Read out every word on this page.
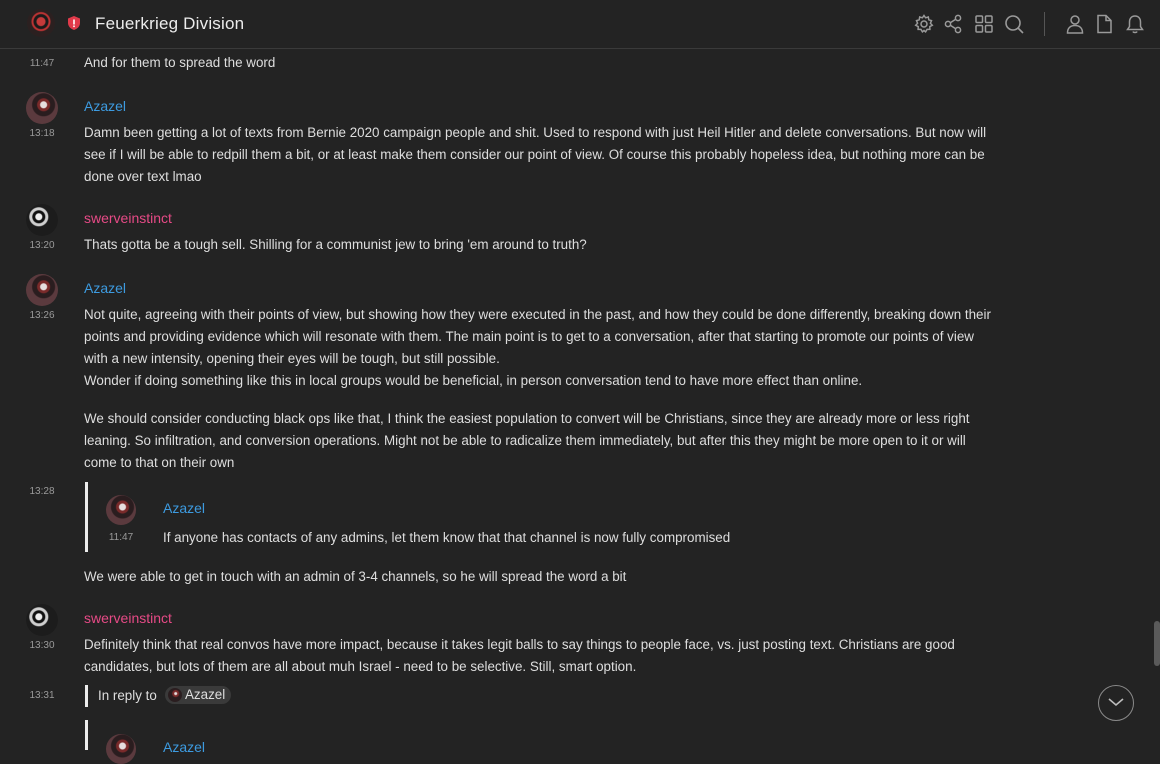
Feuerkrieg Division
11:47	And for them to spread the word
Azazel
13:18	Damn been getting a lot of texts from Bernie 2020 campaign people and shit. Used to respond with just Heil Hitler and delete conversations. But now will see if I will be able to redpill them a bit, or at least make them consider our point of view. Of course this probably hopeless idea, but nothing more can be done over text lmao
swerveinstinct
13:20	Thats gotta be a tough sell. Shilling for a communist jew to bring 'em around to truth?
Azazel
13:26	Not quite, agreeing with their points of view, but showing how they were executed in the past, and how they could be done differently, breaking down their points and providing evidence which will resonate with them. The main point is to get to a conversation, after that starting to promote our points of view with a new intensity, opening their eyes will be tough, but still possible.
Wonder if doing something like this in local groups would be beneficial, in person conversation tend to have more effect than online.
We should consider conducting black ops like that, I think the easiest population to convert will be Christians, since they are already more or less right leaning. So infiltration, and conversion operations. Might not be able to radicalize them immediately, but after this they might be more open to it or will come to that on their own
13:28
Azazel
11:47	If anyone has contacts of any admins, let them know that that channel is now fully compromised
We were able to get in touch with an admin of 3-4 channels, so he will spread the word a bit
swerveinstinct
13:30	Definitely think that real convos have more impact, because it takes legit balls to say things to people face, vs. just posting text. Christians are good candidates, but lots of them are all about muh Israel - need to be selective. Still, smart option.
13:31	In reply to	Azazel
Azazel
